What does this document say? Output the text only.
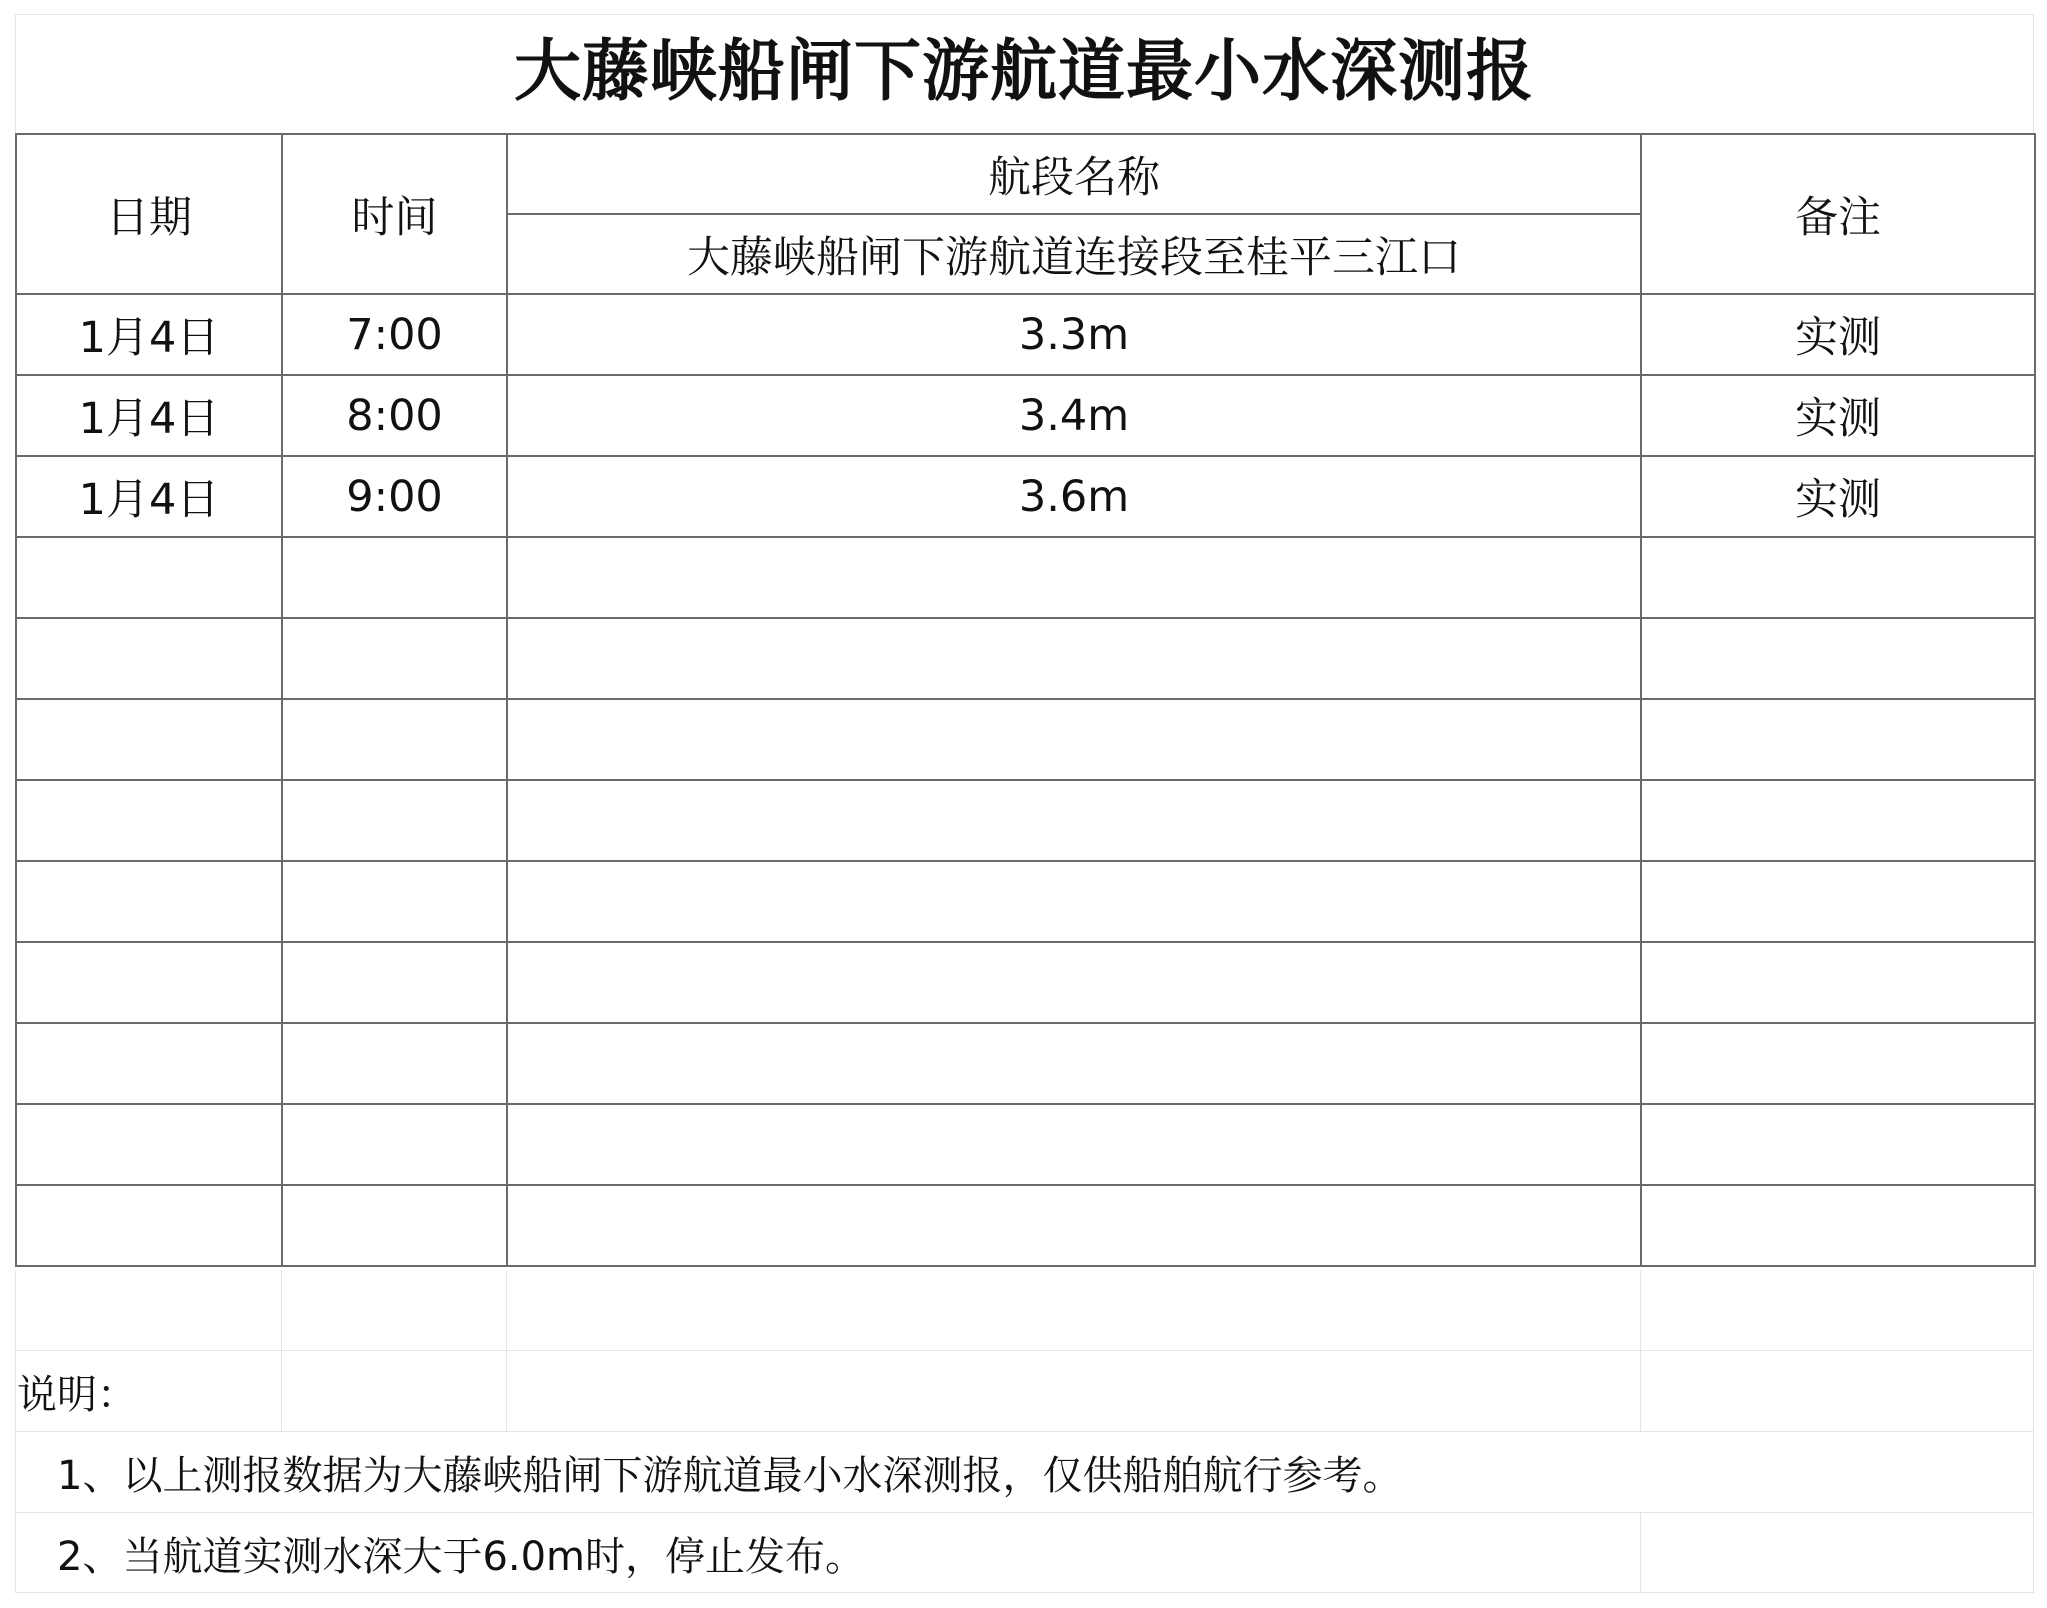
大藤峡船闸下游航道最小水深测报
日期	时间	航段名称	备注
		大藤峡船闸下游航道连接段至桂平三江口	
1月4日	7:00	3.3m	实测
1月4日	8:00	3.4m	实测
1月4日	9:00	3.6m	实测

说明：
1、以上测报数据为大藤峡船闸下游航道最小水深测报，仅供船舶航行参考。
2、当航道实测水深大于6.0m时，停止发布。
